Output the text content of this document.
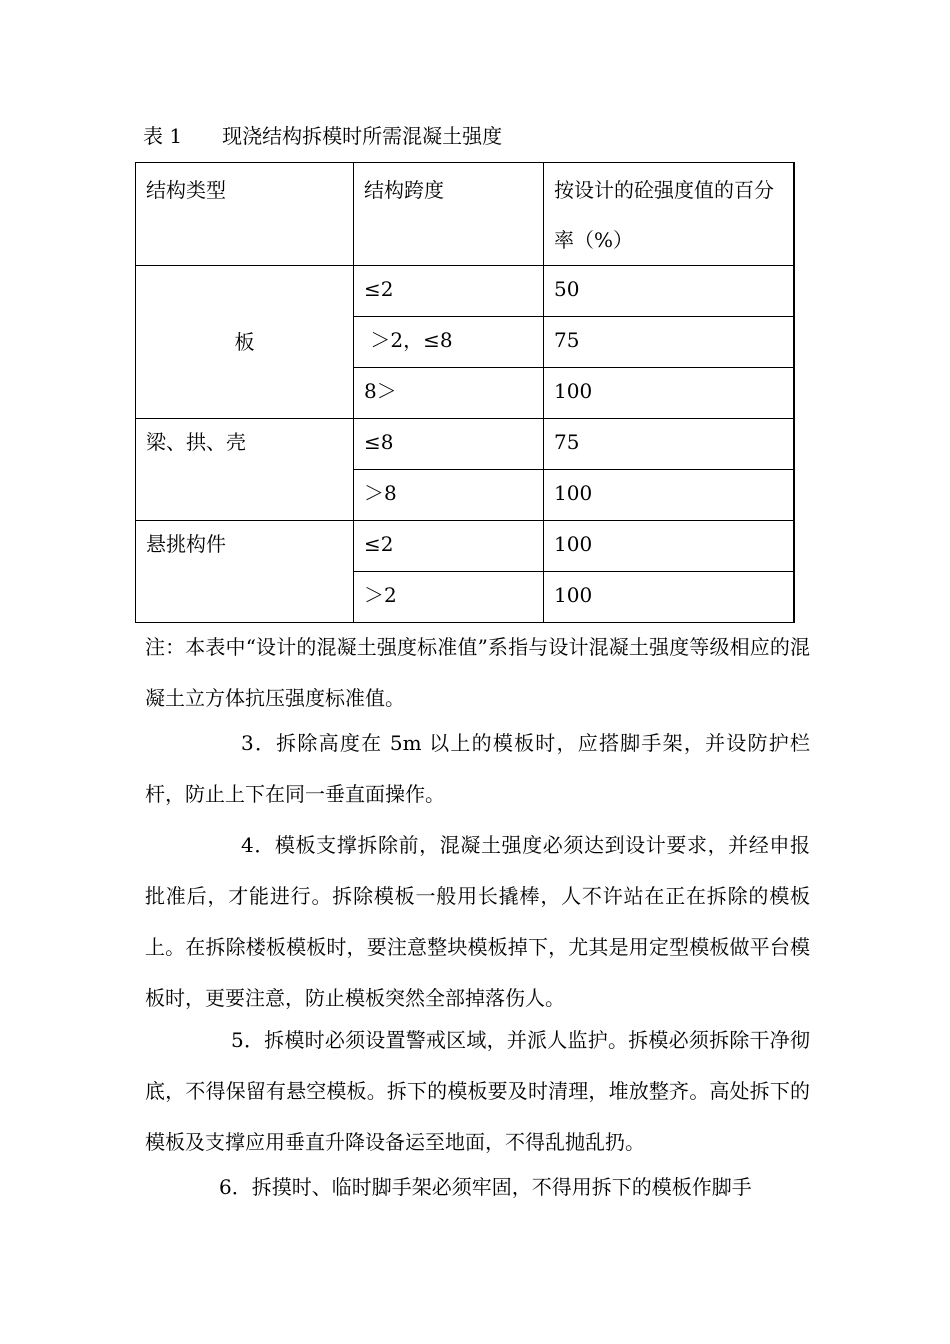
表 1　　现浇结构拆模时所需混凝土强度
结构类型	结构跨度	按设计的砼强度值的百分率（%）
板	≤2	50
	＞2，≤8	75
	8＞	100
梁、拱、壳	≤8	75
	＞8	100
悬挑构件	≤2	100
	＞2	100
注：本表中“设计的混凝土强度标准值”系指与设计混凝土强度等级相应的混凝土立方体抗压强度标准值。
3．拆除高度在 5m 以上的模板时，应搭脚手架，并设防护栏杆，防止上下在同一垂直面操作。
4．模板支撑拆除前，混凝土强度必须达到设计要求，并经申报批准后，才能进行。拆除模板一般用长撬棒，人不许站在正在拆除的模板上。在拆除楼板模板时，要注意整块模板掉下，尤其是用定型模板做平台模板时，更要注意，防止模板突然全部掉落伤人。
5．拆模时必须设置警戒区域，并派人监护。拆模必须拆除干净彻底，不得保留有悬空模板。拆下的模板要及时清理，堆放整齐。高处拆下的模板及支撑应用垂直升降设备运至地面，不得乱抛乱扔。
6．拆摸时、临时脚手架必须牢固，不得用拆下的模板作脚手
